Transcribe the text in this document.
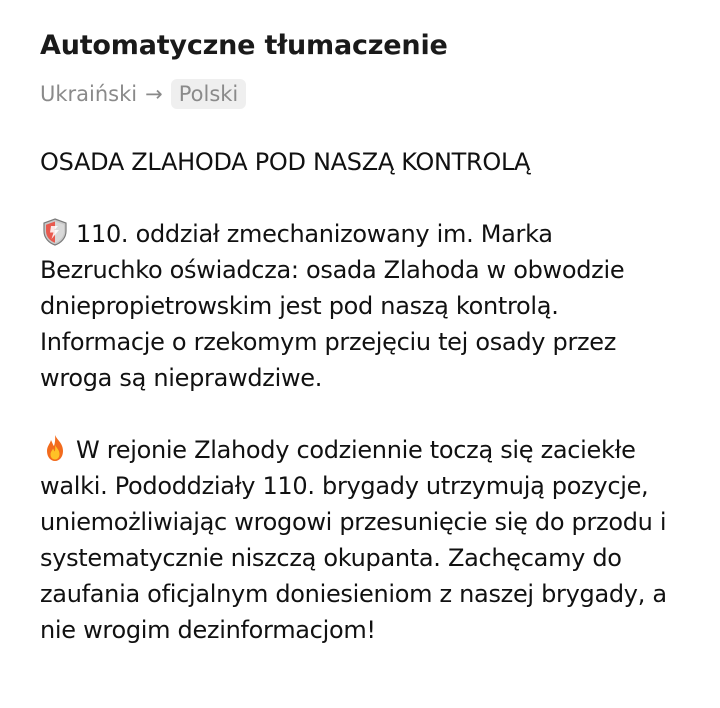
Automatyczne tłumaczenie
Ukraiński → Polski

OSADA ZLAHODA POD NASZĄ KONTROLĄ

110. oddział zmechanizowany im. Marka Bezruchko oświadcza: osada Zlahoda w obwodzie dniepropietrowskim jest pod naszą kontrolą. Informacje o rzekomym przejęciu tej osady przez wroga są nieprawdziwe.

W rejonie Zlahody codziennie toczą się zaciekłe walki. Pododdziały 110. brygady utrzymują pozycje, uniemożliwiając wrogowi przesunięcie się do przodu i systematycznie niszczą okupanta. Zachęcamy do zaufania oficjalnym doniesieniom z naszej brygady, a nie wrogim dezinformacjom!
